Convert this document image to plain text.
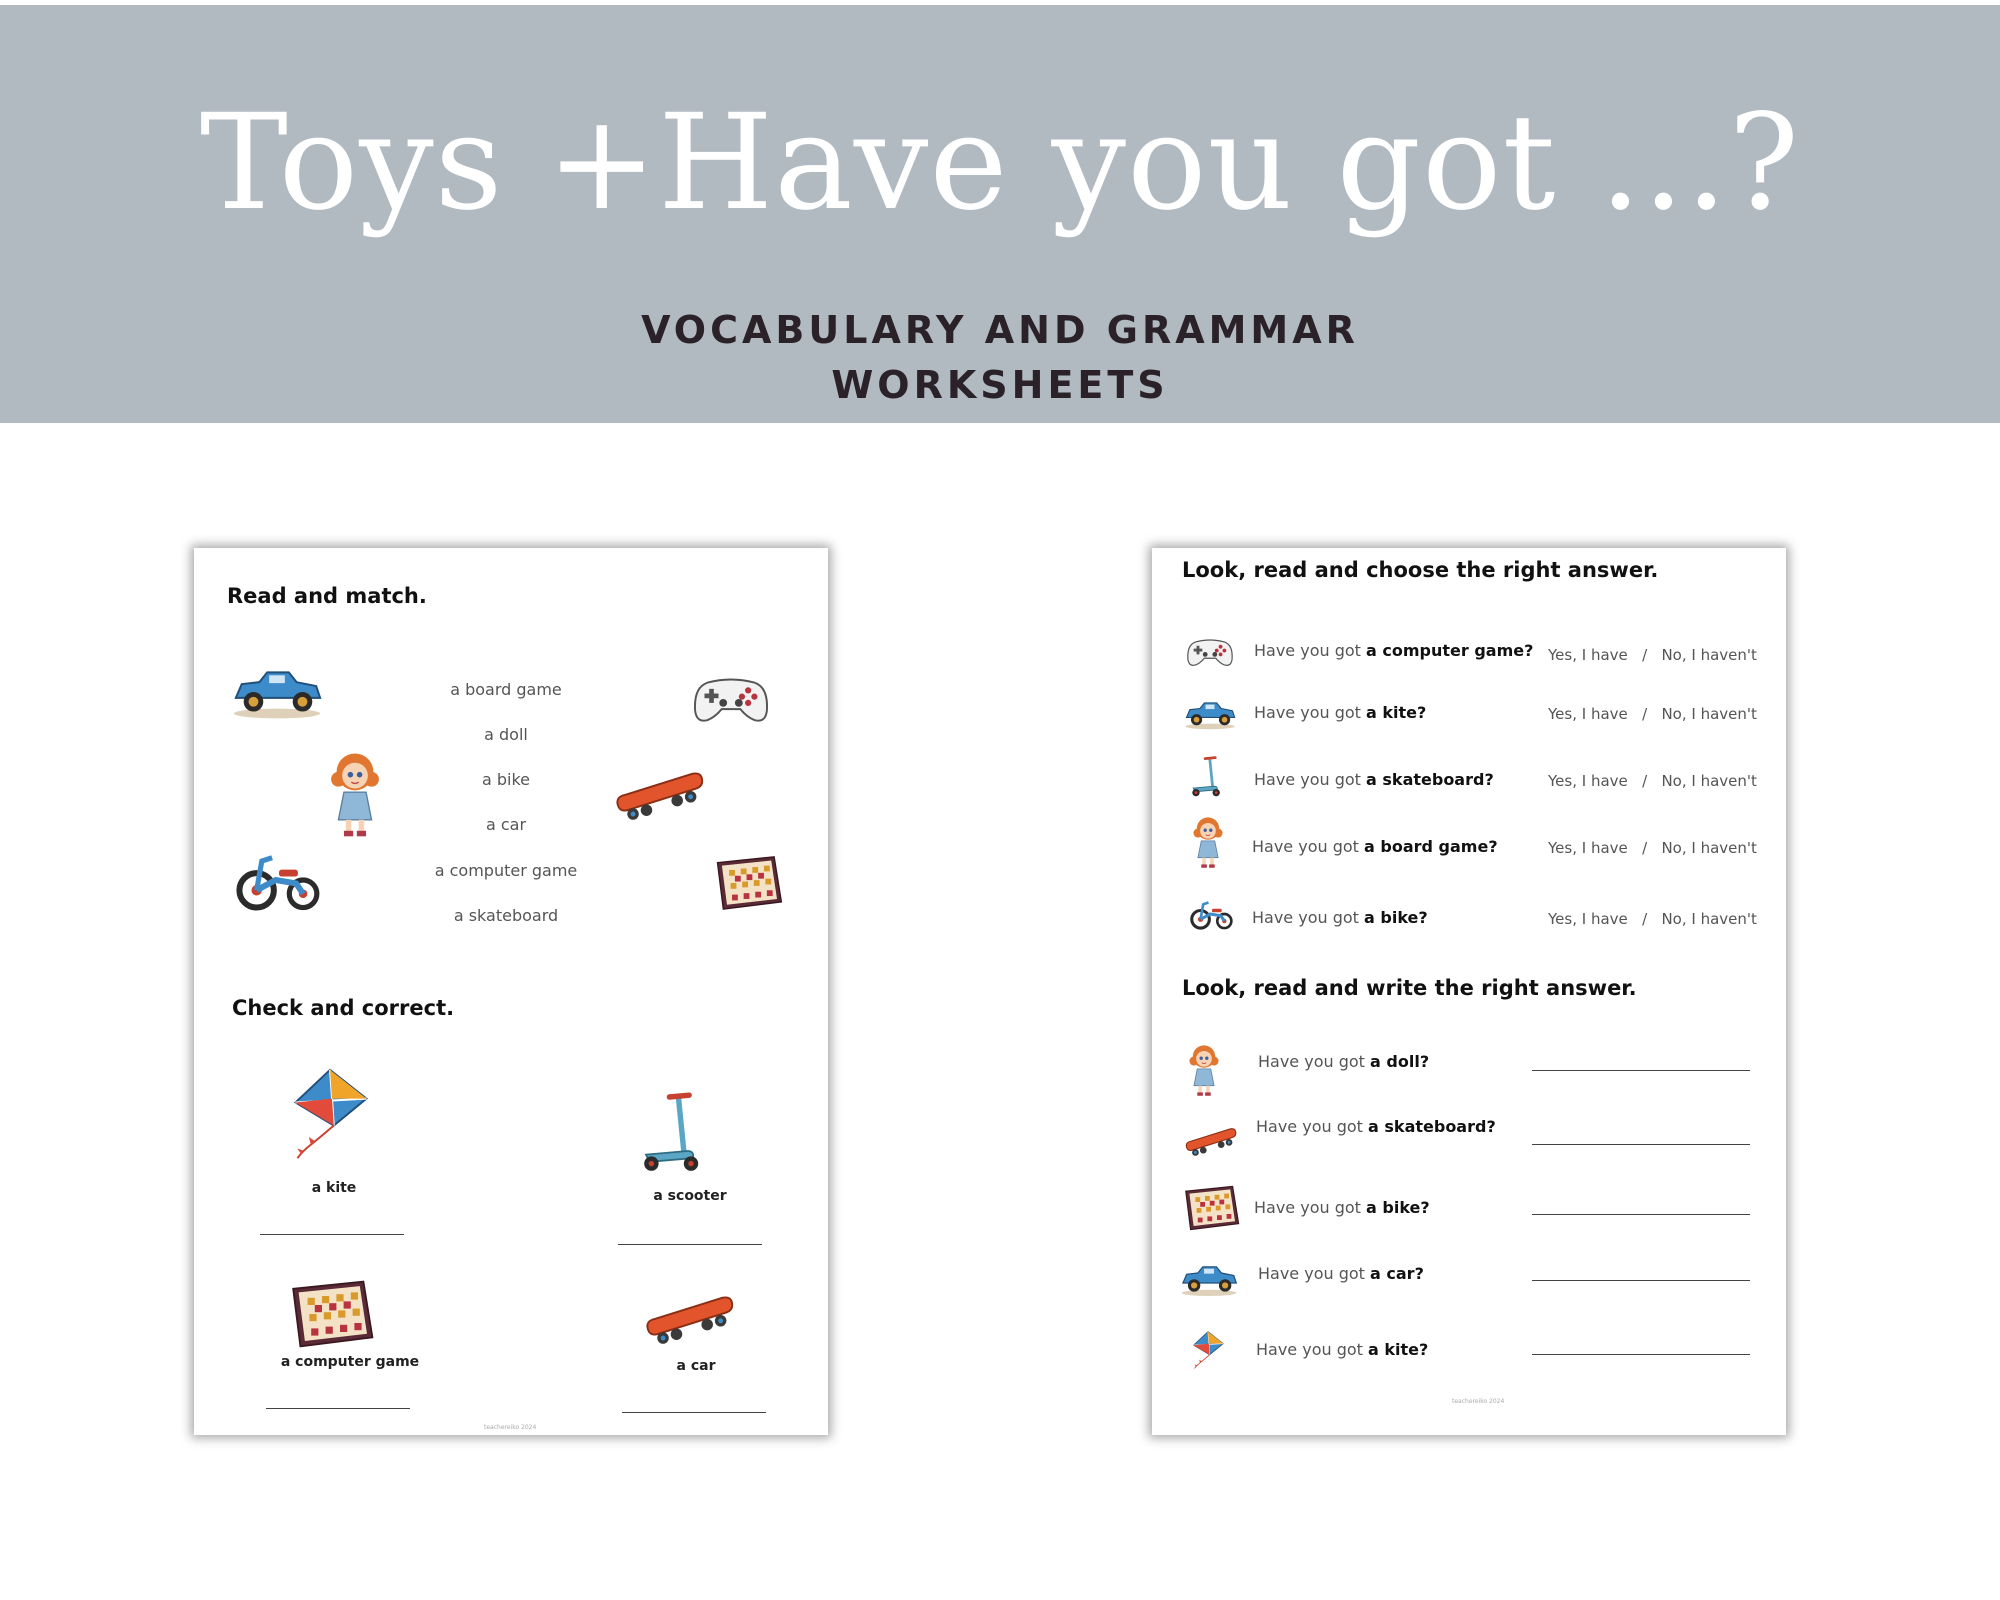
Toys +Have you got ...?
VOCABULARY AND GRAMMAR
WORKSHEETS
Read and match.
a board game
a doll
a bike
a car
a computer game
a skateboard
Check and correct.
a kite	a scooter
a computer game	a car
teachereiko 2024
Look, read and choose the right answer.
Have you got a computer game? Yes, I have / No, I haven't
Have you got a kite?	Yes, I have / No, I haven't
Have you got a skateboard?	Yes, I have / No, I haven't
Have you got a board game?	Yes, I have / No, I haven't
Have you got a bike?	Yes, I have / No, I haven't
Look, read and write the right answer.
Have you got a doll?
Have you got a skateboard?
Have you got a bike?
Have you got a car?
Have you got a kite?
teachereiko 2024
